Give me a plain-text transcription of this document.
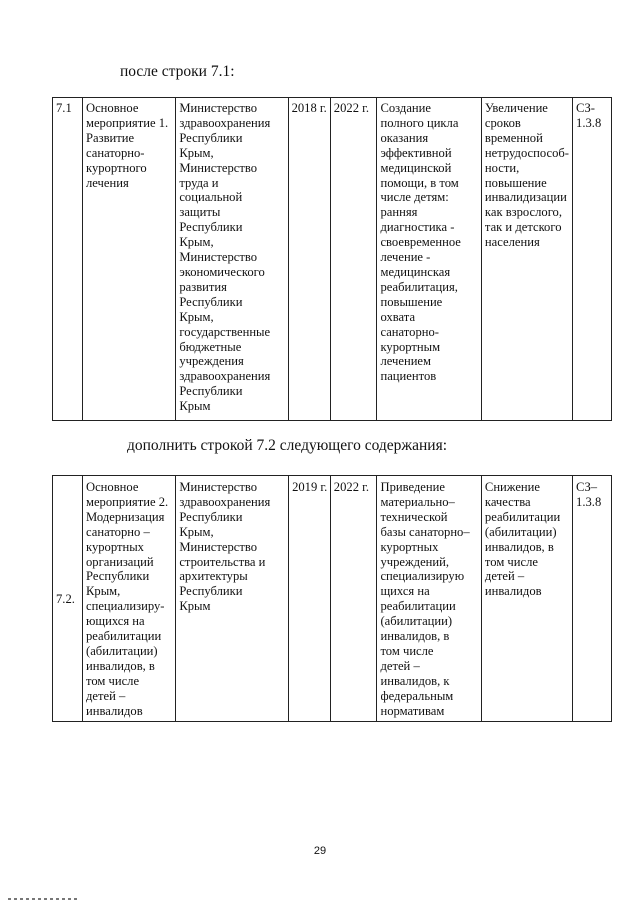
после строки 7.1:
7.1	Основное
мероприятие 1.
Развитие
санаторно-
курортного
лечения	Министерство
здравоохранения
Республики
Крым,
Министерство
труда и
социальной
защиты
Республики
Крым,
Министерство
экономического
развития
Республики
Крым,
государственные
бюджетные
учреждения
здравоохранения
Республики
Крым	2018 г.	2022 г.	Создание
полного цикла
оказания
эффективной
медицинской
помощи, в том
числе детям:
ранняя
диагностика -
своевременное
лечение -
медицинская
реабилитация,
повышение
охвата
санаторно-
курортным
лечением
пациентов	Увеличение
сроков
временной
нетрудоспособ-
ности,
повышение
инвалидизации
как взрослого,
так и детского
населения	СЗ-
1.3.8
дополнить строкой 7.2 следующего содержания:
7.2.	Основное
мероприятие 2.
Модернизация
санаторно –
курортных
организаций
Республики
Крым,
специализиру-
ющихся на
реабилитации
(абилитации)
инвалидов, в
том числе
детей –
инвалидов	Министерство
здравоохранения
Республики
Крым,
Министерство
строительства и
архитектуры
Республики
Крым	2019 г.	2022 г.	Приведение
материально–
технической
базы санаторно–
курортных
учреждений,
специализирую
щихся на
реабилитации
(абилитации)
инвалидов, в
том числе
детей –
инвалидов, к
федеральным
нормативам	Снижение
качества
реабилитации
(абилитации)
инвалидов, в
том числе
детей –
инвалидов	СЗ–
1.3.8
29
